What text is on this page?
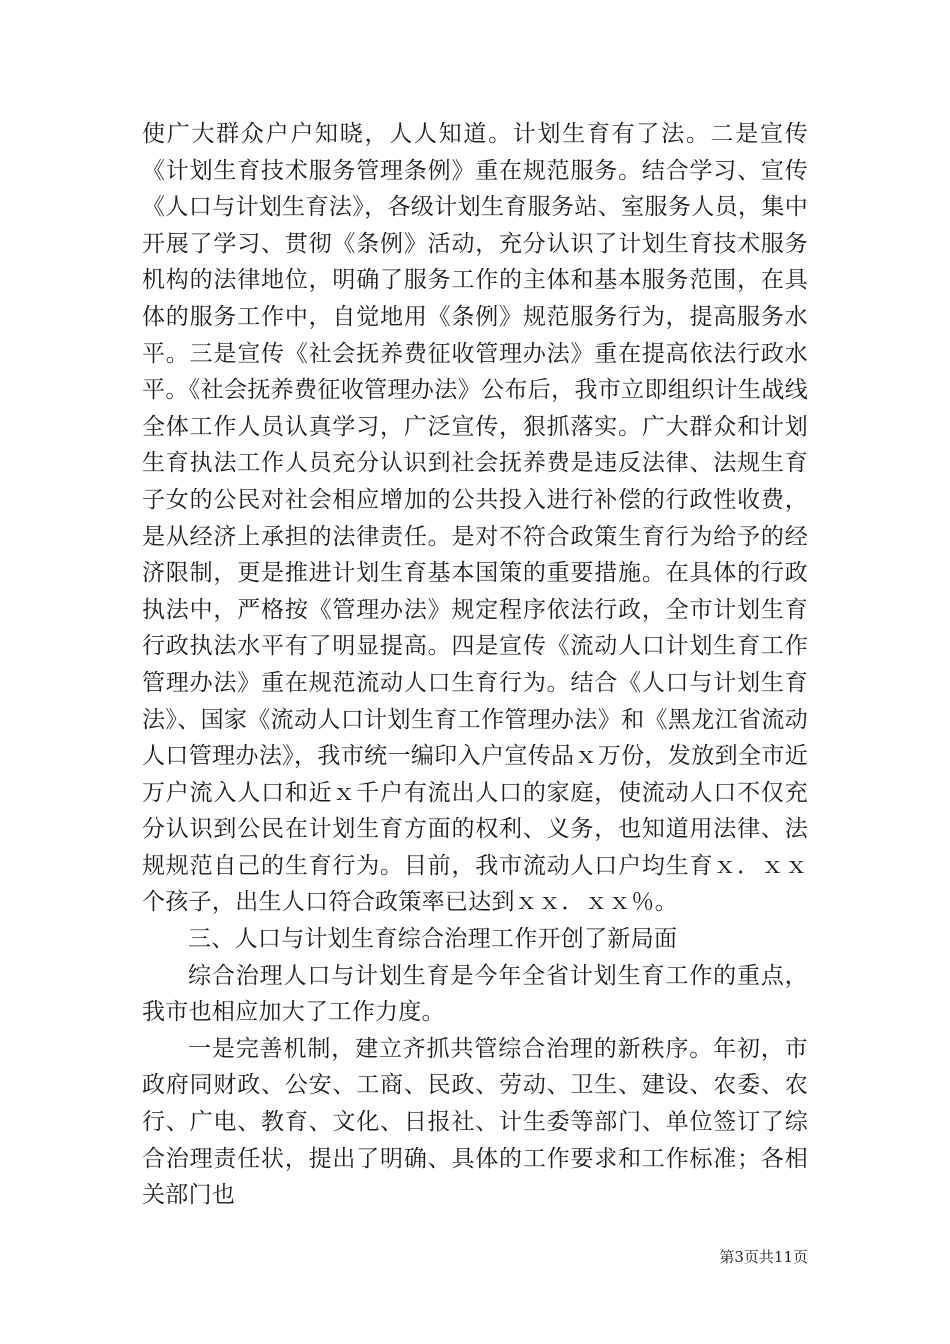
使广大群众户户知晓，人人知道。计划生育有了法。二是宣传《计划生育技术服务管理条例》重在规范服务。结合学习、宣传《人口与计划生育法》，各级计划生育服务站、室服务人员，集中开展了学习、贯彻《条例》活动，充分认识了计划生育技术服务机构的法律地位，明确了服务工作的主体和基本服务范围，在具体的服务工作中，自觉地用《条例》规范服务行为，提高服务水平。三是宣传《社会抚养费征收管理办法》重在提高依法行政水平。《社会抚养费征收管理办法》公布后，我市立即组织计生战线全体工作人员认真学习，广泛宣传，狠抓落实。广大群众和计划生育执法工作人员充分认识到社会抚养费是违反法律、法规生育子女的公民对社会相应增加的公共投入进行补偿的行政性收费，是从经济上承担的法律责任。是对不符合政策生育行为给予的经济限制，更是推进计划生育基本国策的重要措施。在具体的行政执法中，严格按《管理办法》规定程序依法行政，全市计划生育行政执法水平有了明显提高。四是宣传《流动人口计划生育工作管理办法》重在规范流动人口生育行为。结合《人口与计划生育法》、国家《流动人口计划生育工作管理办法》和《黑龙江省流动人口管理办法》，我市统一编印入户宣传品ｘ万份，发放到全市近万户流入人口和近ｘ千户有流出人口的家庭，使流动人口不仅充分认识到公民在计划生育方面的权利、义务，也知道用法律、法规规范自己的生育行为。目前，我市流动人口户均生育ｘ．ｘｘ个孩子，出生人口符合政策率已达到ｘｘ．ｘｘ％。

三、人口与计划生育综合治理工作开创了新局面

综合治理人口与计划生育是今年全省计划生育工作的重点，我市也相应加大了工作力度。

一是完善机制，建立齐抓共管综合治理的新秩序。年初，市政府同财政、公安、工商、民政、劳动、卫生、建设、农委、农行、广电、教育、文化、日报社、计生委等部门、单位签订了综合治理责任状，提出了明确、具体的工作要求和工作标准；各相关部门也

第3页共11页
